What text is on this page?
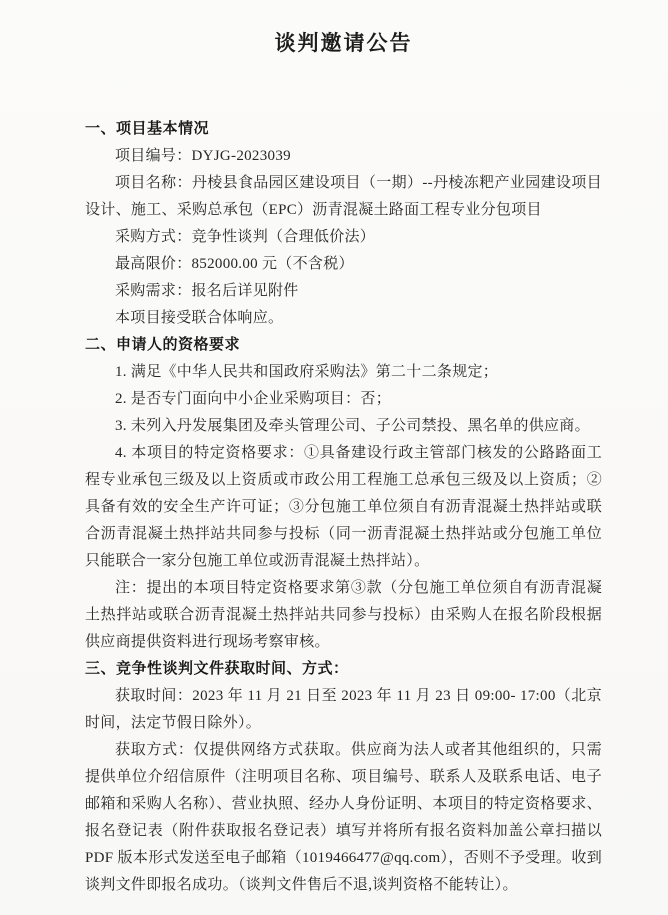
谈判邀请公告
一、项目基本情况

项目编号：DYJG-2023039

项目名称：丹棱县食品园区建设项目（一期）--丹棱冻粑产业园建设项目设计、施工、采购总承包（EPC）沥青混凝土路面工程专业分包项目

采购方式：竞争性谈判（合理低价法）

最高限价：852000.00 元（不含税）

采购需求：报名后详见附件

本项目接受联合体响应。

二、申请人的资格要求

1. 满足《中华人民共和国政府采购法》第二十二条规定；

2. 是否专门面向中小企业采购项目：否；

3. 未列入丹发展集团及牵头管理公司、子公司禁投、黑名单的供应商。

4. 本项目的特定资格要求：①具备建设行政主管部门核发的公路路面工程专业承包三级及以上资质或市政公用工程施工总承包三级及以上资质；②具备有效的安全生产许可证；③分包施工单位须自有沥青混凝土热拌站或联合沥青混凝土热拌站共同参与投标（同一沥青混凝土热拌站或分包施工单位只能联合一家分包施工单位或沥青混凝土热拌站）。

注：提出的本项目特定资格要求第③款（分包施工单位须自有沥青混凝土热拌站或联合沥青混凝土热拌站共同参与投标）由采购人在报名阶段根据供应商提供资料进行现场考察审核。

三、竞争性谈判文件获取时间、方式：

获取时间：2023 年 11 月 21 日至 2023 年 11 月 23 日 09:00- 17:00（北京时间，法定节假日除外）。

获取方式：仅提供网络方式获取。供应商为法人或者其他组织的，只需提供单位介绍信原件（注明项目名称、项目编号、联系人及联系电话、电子邮箱和采购人名称）、营业执照、经办人身份证明、本项目的特定资格要求、报名登记表（附件获取报名登记表）填写并将所有报名资料加盖公章扫描以 PDF 版本形式发送至电子邮箱（1019466477@qq.com），否则不予受理。收到谈判文件即报名成功。（谈判文件售后不退,谈判资格不能转让）。
